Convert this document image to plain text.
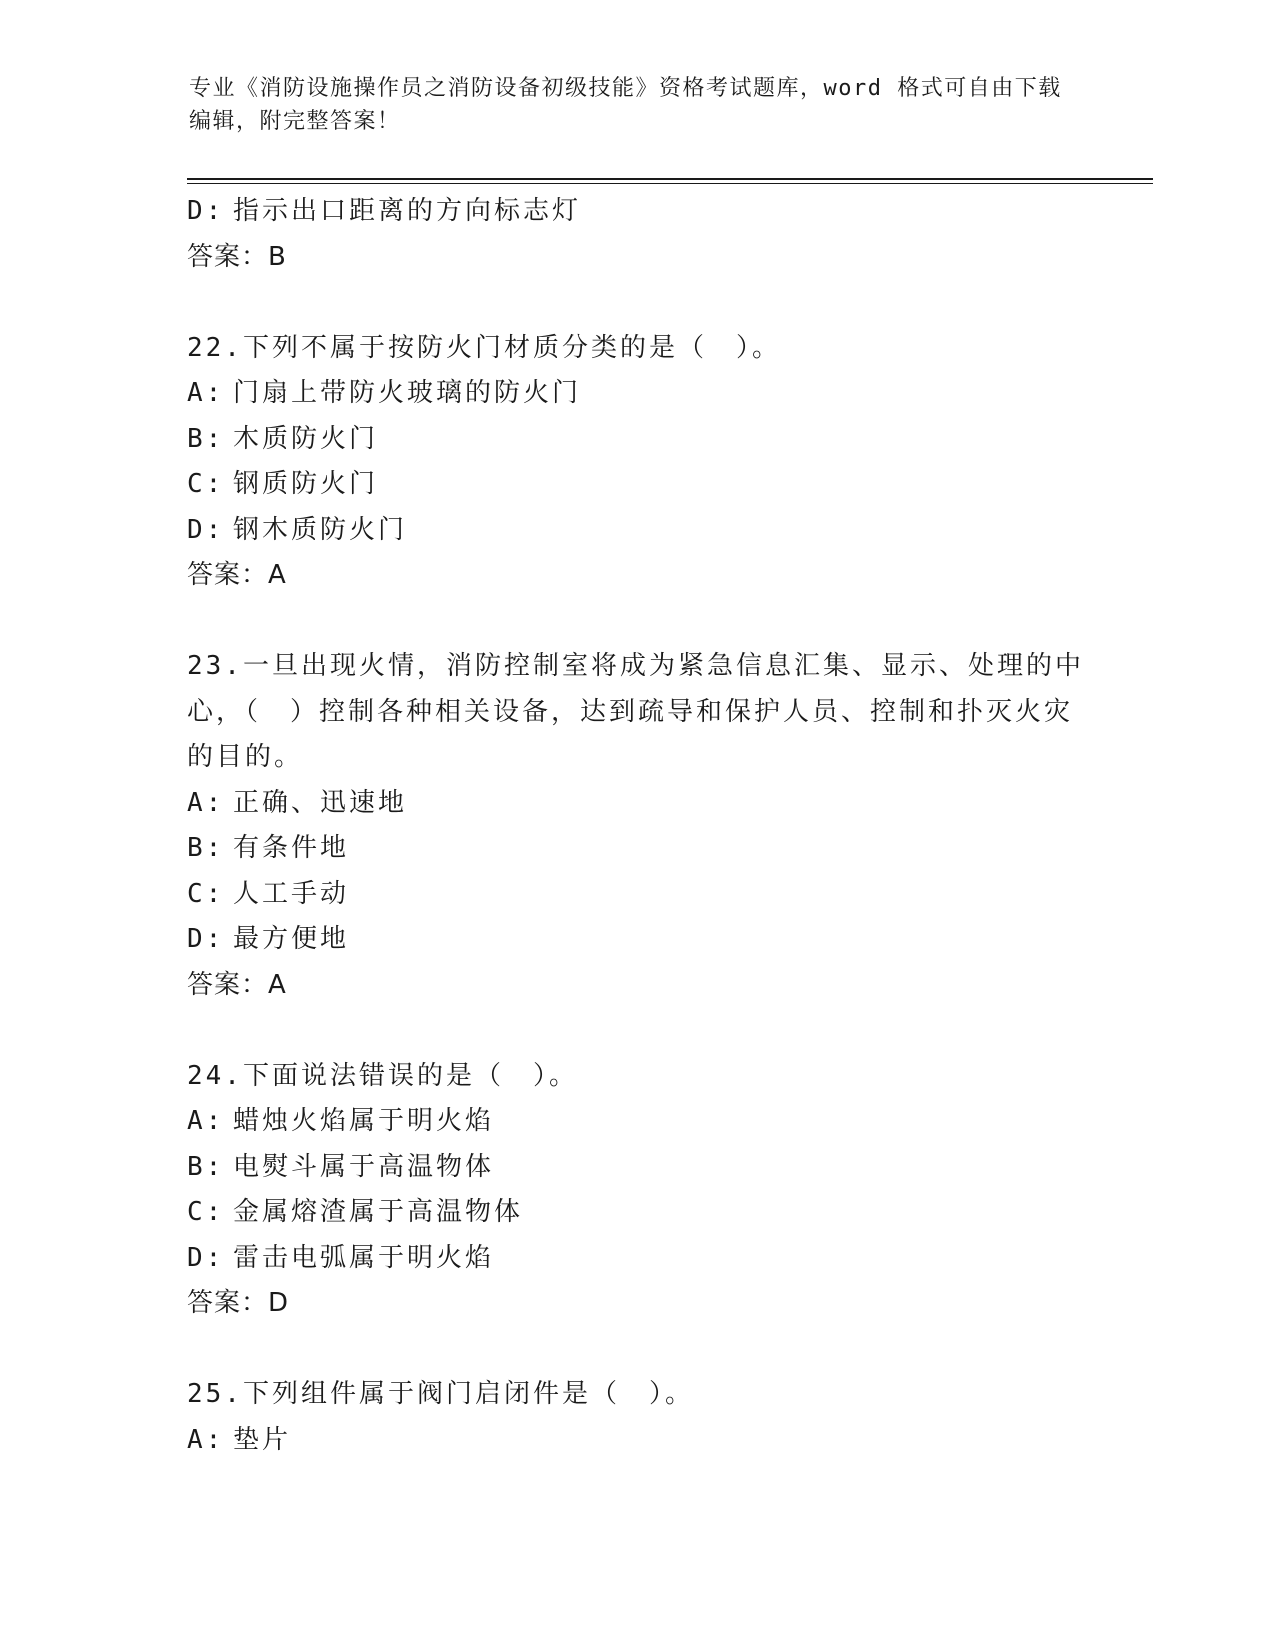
专业《消防设施操作员之消防设备初级技能》资格考试题库，word 格式可自由下载编辑，附完整答案！
D: 指示出口距离的方向标志灯
答案：B
22.下列不属于按防火门材质分类的是（　）。
A: 门扇上带防火玻璃的防火门
B: 木质防火门
C: 钢质防火门
D: 钢木质防火门
答案：A
23.一旦出现火情，消防控制室将成为紧急信息汇集、显示、处理的中心，（　）控制各种相关设备，达到疏导和保护人员、控制和扑灭火灾的目的。
A: 正确、迅速地
B: 有条件地
C: 人工手动
D: 最方便地
答案：A
24.下面说法错误的是（　）。
A: 蜡烛火焰属于明火焰
B: 电熨斗属于高温物体
C: 金属熔渣属于高温物体
D: 雷击电弧属于明火焰
答案：D
25.下列组件属于阀门启闭件是（　）。
A: 垫片
